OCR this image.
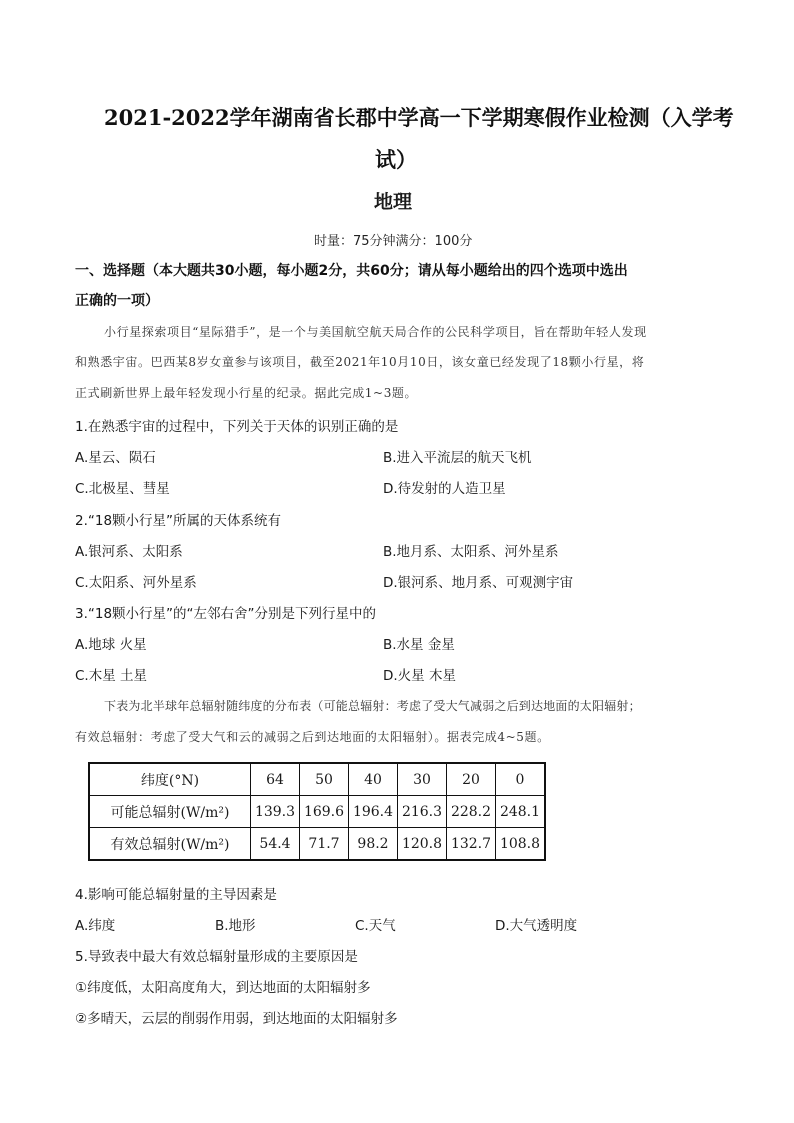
2021-2022学年湖南省长郡中学高一下学期寒假作业检测（入学考
试）
地理
时量：75分钟满分：100分
一、选择题（本大题共30小题，每小题2分，共60分；请从每小题给出的四个选项中选出
正确的一项）
小行星探索项目“星际猎手”，是一个与美国航空航天局合作的公民科学项目，旨在帮助年轻人发现
和熟悉宇宙。巴西某8岁女童参与该项目，截至2021年10月10日，该女童已经发现了18颗小行星，将
正式刷新世界上最年轻发现小行星的纪录。据此完成1~3题。
1.在熟悉宇宙的过程中，下列关于天体的识别正确的是
A.星云、陨石	B.进入平流层的航天飞机
C.北极星、彗星	D.待发射的人造卫星
2.“18颗小行星”所属的天体系统有
A.银河系、太阳系	B.地月系、太阳系、河外星系
C.太阳系、河外星系	D.银河系、地月系、可观测宇宙
3.“18颗小行星”的“左邻右舍”分别是下列行星中的
A.地球 火星	B.水星 金星
C.木星 土星	D.火星 木星
下表为北半球年总辐射随纬度的分布表（可能总辐射：考虑了受大气减弱之后到达地面的太阳辐射；
有效总辐射：考虑了受大气和云的减弱之后到达地面的太阳辐射）。据表完成4~5题。
纬度(°N)	64	50	40	30	20	0
可能总辐射(W/m²)	139.3	169.6	196.4	216.3	228.2	248.1
有效总辐射(W/m²)	54.4	71.7	98.2	120.8	132.7	108.8
4.影响可能总辐射量的主导因素是
A.纬度	B.地形	C.天气	D.大气透明度
5.导致表中最大有效总辐射量形成的主要原因是
①纬度低，太阳高度角大，到达地面的太阳辐射多
②多晴天，云层的削弱作用弱，到达地面的太阳辐射多
